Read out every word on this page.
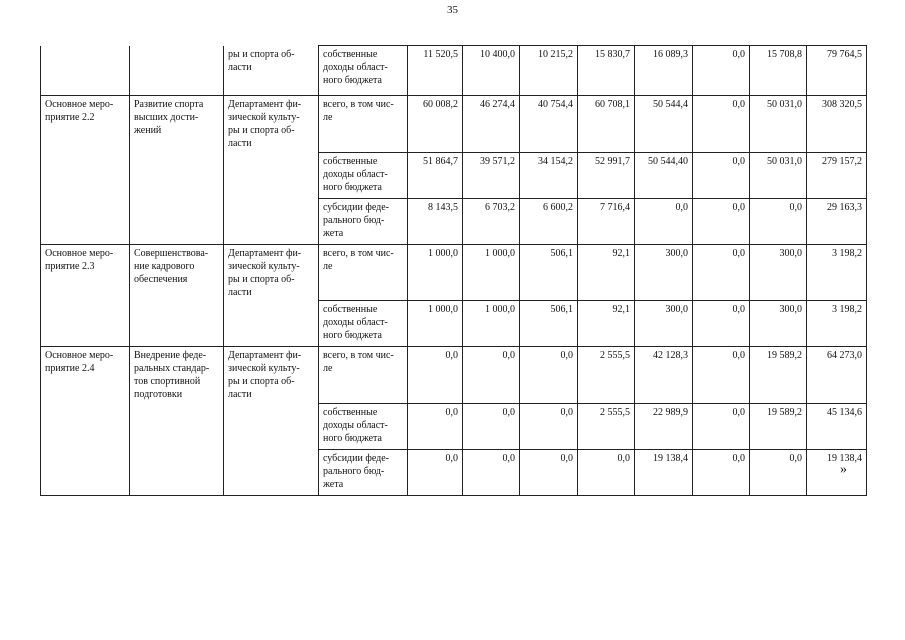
35
		ры и спорта об-
ласти	собственные
доходы област-
ного бюджета	11 520,5	10 400,0	10 215,2	15 830,7	16 089,3	0,0	15 708,8	79 764,5
Основное меро-
приятие 2.2	Развитие спорта
высших дости-
жений	Департамент фи-
зической культу-
ры и спорта об-
ласти	всего, в том чис-
ле	60 008,2	46 274,4	40 754,4	60 708,1	50 544,4	0,0	50 031,0	308 320,5
			собственные
доходы област-
ного бюджета	51 864,7	39 571,2	34 154,2	52 991,7	50 544,40	0,0	50 031,0	279 157,2
			субсидии феде-
рального бюд-
жета	8 143,5	6 703,2	6 600,2	7 716,4	0,0	0,0	0,0	29 163,3
Основное меро-
приятие 2.3	Совершенствова-
ние кадрового
обеспечения	Департамент фи-
зической культу-
ры и спорта об-
ласти	всего, в том чис-
ле	1 000,0	1 000,0	506,1	92,1	300,0	0,0	300,0	3 198,2
			собственные
доходы област-
ного бюджета	1 000,0	1 000,0	506,1	92,1	300,0	0,0	300,0	3 198,2
Основное меро-
приятие 2.4	Внедрение феде-
ральных стандар-
тов спортивной
подготовки	Департамент фи-
зической культу-
ры и спорта об-
ласти	всего, в том чис-
ле	0,0	0,0	0,0	2 555,5	42 128,3	0,0	19 589,2	64 273,0
			собственные
доходы област-
ного бюджета	0,0	0,0	0,0	2 555,5	22 989,9	0,0	19 589,2	45 134,6
			субсидии феде-
рального бюд-
жета	0,0	0,0	0,0	0,0	19 138,4	0,0	0,0	19 138,4
»
